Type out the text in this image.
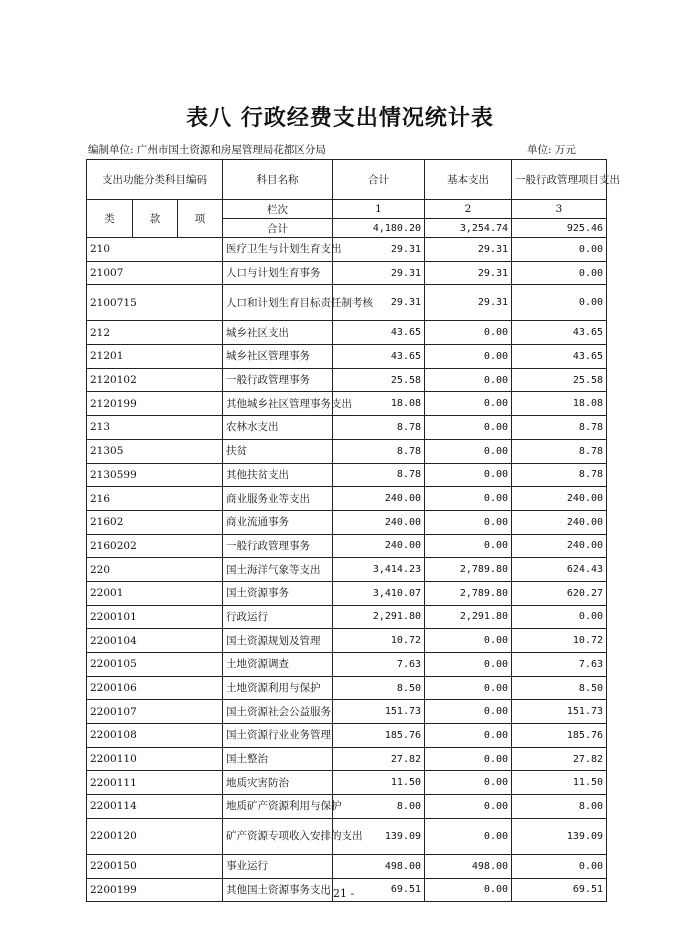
表八 行政经费支出情况统计表
编制单位: 广州市国土资源和房屋管理局花都区分局	单位: 万元
支出功能分类科目编码			科目名称	合计	基本支出	一般行政管理项目支出
类	款	项	栏次	1	2	3
			合计	4,180.20	3,254.74	925.46
210			医疗卫生与计划生育支出	29.31	29.31	0.00
21007			人口与计划生育事务	29.31	29.31	0.00
2100715			人口和计划生育目标责任制考核	29.31	29.31	0.00
212			城乡社区支出	43.65	0.00	43.65
21201			城乡社区管理事务	43.65	0.00	43.65
2120102			一般行政管理事务	25.58	0.00	25.58
2120199			其他城乡社区管理事务支出	18.08	0.00	18.08
213			农林水支出	8.78	0.00	8.78
21305			扶贫	8.78	0.00	8.78
2130599			其他扶贫支出	8.78	0.00	8.78
216			商业服务业等支出	240.00	0.00	240.00
21602			商业流通事务	240.00	0.00	240.00
2160202			一般行政管理事务	240.00	0.00	240.00
220			国土海洋气象等支出	3,414.23	2,789.80	624.43
22001			国土资源事务	3,410.07	2,789.80	620.27
2200101			行政运行	2,291.80	2,291.80	0.00
2200104			国土资源规划及管理	10.72	0.00	10.72
2200105			土地资源调查	7.63	0.00	7.63
2200106			土地资源利用与保护	8.50	0.00	8.50
2200107			国土资源社会公益服务	151.73	0.00	151.73
2200108			国土资源行业业务管理	185.76	0.00	185.76
2200110			国土整治	27.82	0.00	27.82
2200111			地质灾害防治	11.50	0.00	11.50
2200114			地质矿产资源利用与保护	8.00	0.00	8.00
2200120			矿产资源专项收入安排的支出	139.09	0.00	139.09
2200150			事业运行	498.00	498.00	0.00
2200199			其他国土资源事务支出	69.51	0.00	69.51
- 21 -
